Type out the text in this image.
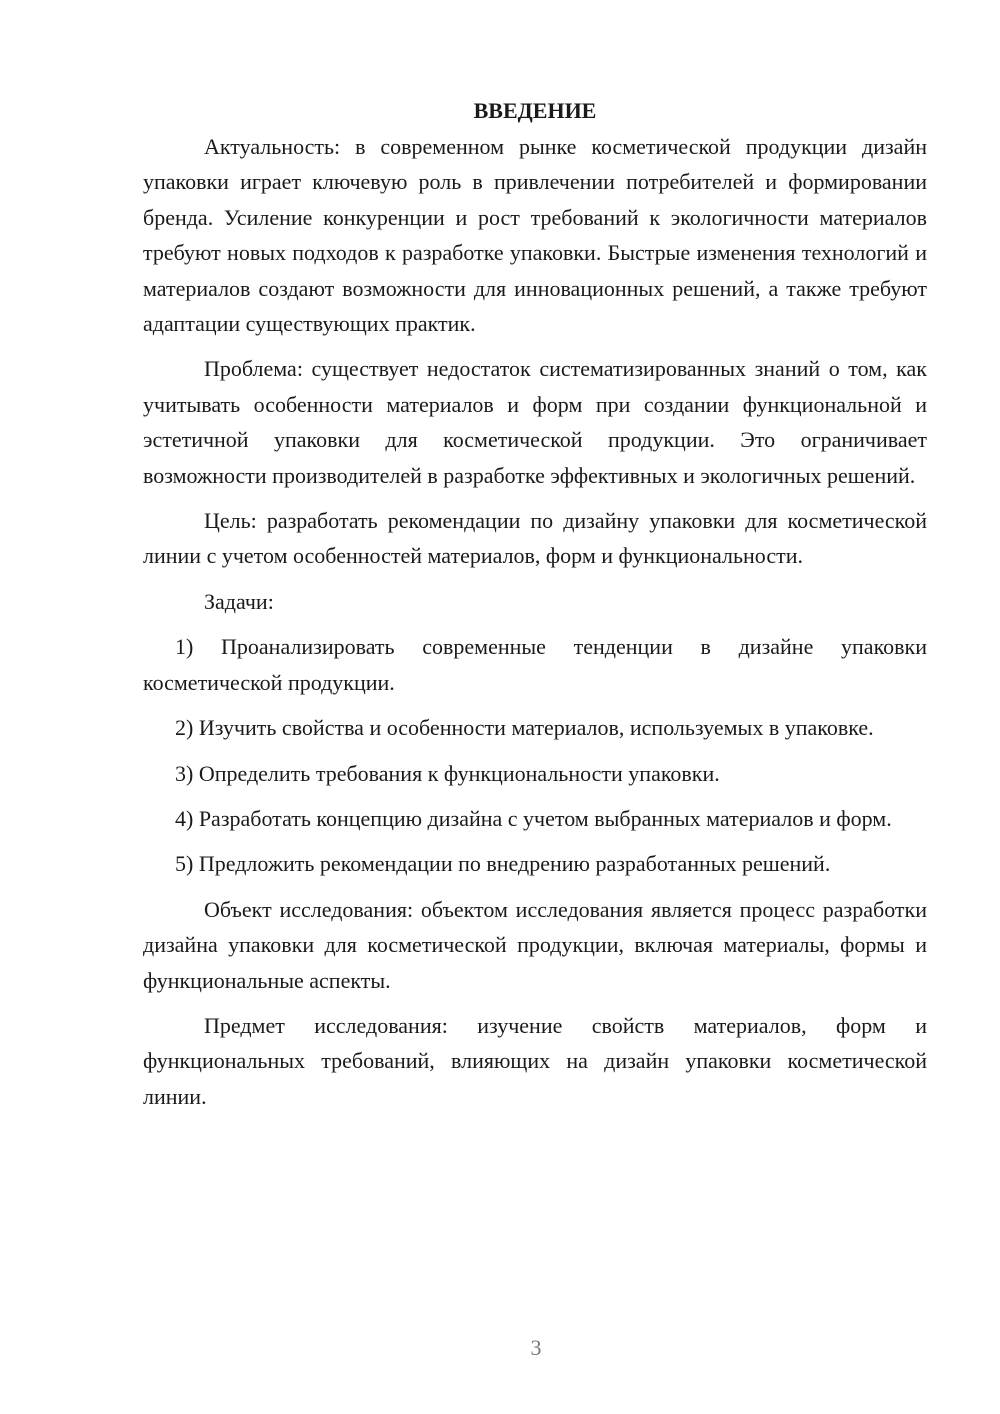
ВВЕДЕНИЕ

Актуальность: в современном рынке косметической продукции дизайн упаковки играет ключевую роль в привлечении потребителей и формировании бренда. Усиление конкуренции и рост требований к экологичности материалов требуют новых подходов к разработке упаковки. Быстрые изменения технологий и материалов создают возможности для инновационных решений, а также требуют адаптации существующих практик.

Проблема: существует недостаток систематизированных знаний о том, как учитывать особенности материалов и форм при создании функциональной и эстетичной упаковки для косметической продукции. Это ограничивает возможности производителей в разработке эффективных и экологичных решений.

Цель: разработать рекомендации по дизайну упаковки для косметической линии с учетом особенностей материалов, форм и функциональности.

Задачи:

1) Проанализировать современные тенденции в дизайне упаковки косметической продукции.

2) Изучить свойства и особенности материалов, используемых в упаковке.

3) Определить требования к функциональности упаковки.

4) Разработать концепцию дизайна с учетом выбранных материалов и форм.

5) Предложить рекомендации по внедрению разработанных решений.

Объект исследования: объектом исследования является процесс разработки дизайна упаковки для косметической продукции, включая материалы, формы и функциональные аспекты.

Предмет исследования: изучение свойств материалов, форм и функциональных требований, влияющих на дизайн упаковки косметической линии.

3
